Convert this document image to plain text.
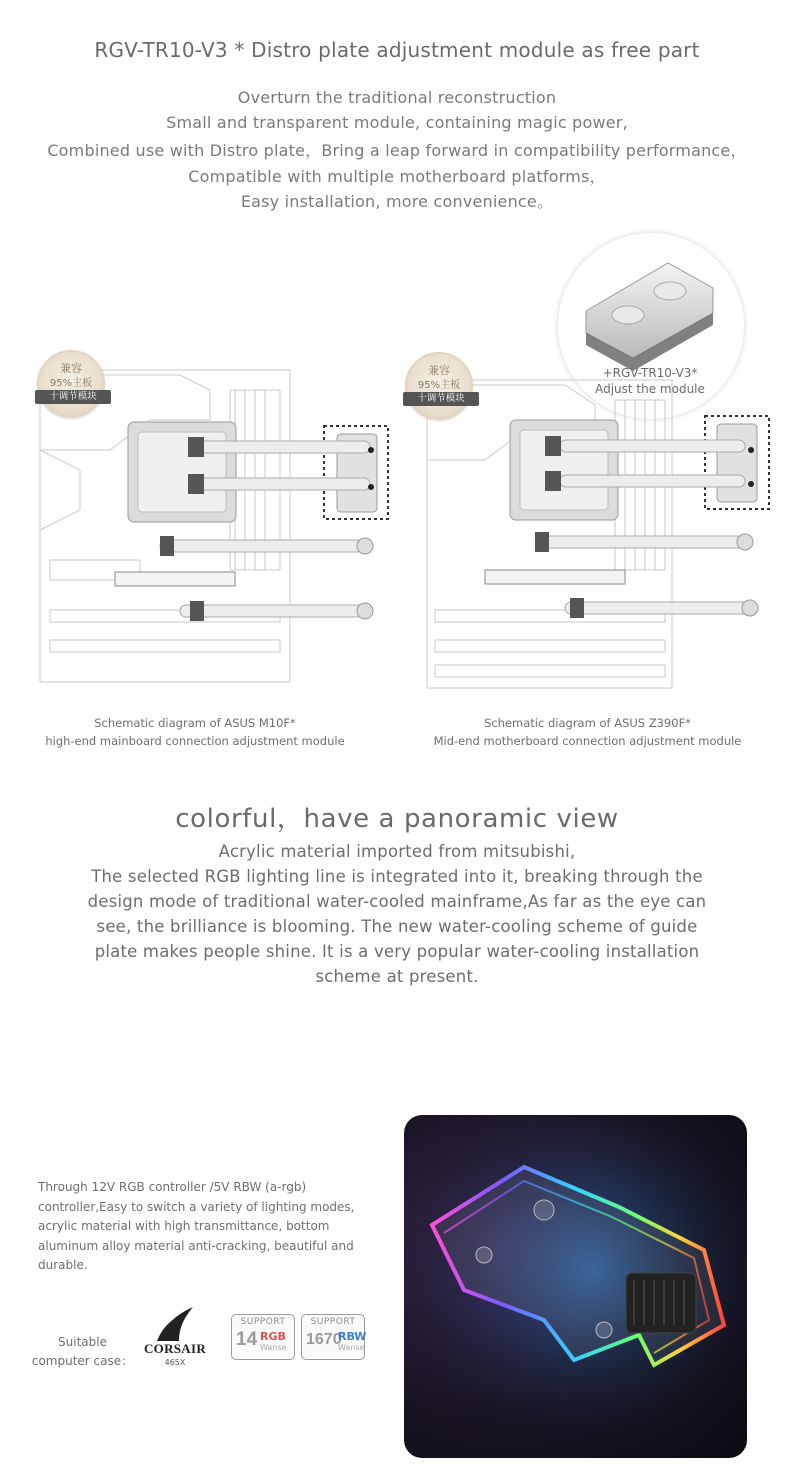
RGV-TR10-V3 * Distro plate adjustment module as free part
Overturn the traditional reconstruction
Small and transparent module, containing magic power,
Combined use with Distro plate，Bring a leap forward in compatibility performance，
Compatible with multiple motherboard platforms，
Easy installation, more convenience。
+RGV-TR10-V3*
Adjust the module
兼容
95%主板
十调节模块
兼容
95%主板
十调节模块
Schematic diagram of ASUS M10F*
high-end mainboard connection adjustment module
Schematic diagram of ASUS Z390F*
Mid-end motherboard connection adjustment module
colorful，have a panoramic view
Acrylic material imported from mitsubishi,
The selected RGB lighting line is integrated into it, breaking through the
design mode of traditional water-cooled mainframe,As far as the eye can
see, the brilliance is blooming. The new water-cooling scheme of guide
plate makes people shine. It is a very popular water-cooling installation
scheme at present.
Through 12V RGB controller /5V RBW (a-rgb) controller,Easy to switch a variety of lighting modes, acrylic material with high transmittance, bottom aluminum alloy material anti-cracking, beautiful and durable.
Suitable
computer case：
CORSAIR
465X
SUPPORT
14 RGB
Wanse
SUPPORT
1670
RBW
Wanse
